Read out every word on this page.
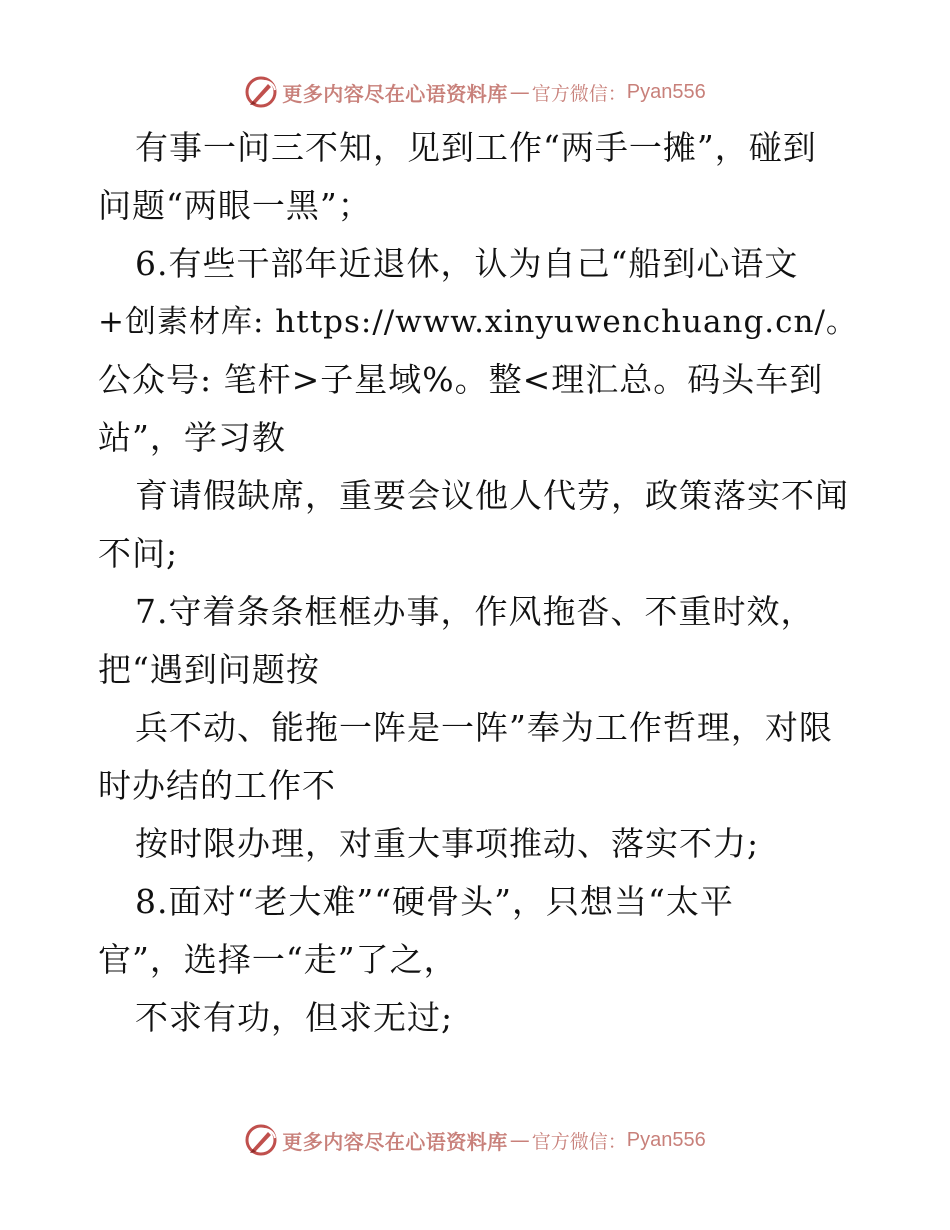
更多内容尽在心语资料库 — 官方微信： Pyan556
有事一问三不知，见到工作“两手一摊”，碰到
问题“两眼一黑”；
6.有些干部年近退休，认为自己“船到心语文
+创素材库: https://www.xinyuwenchuang.cn/。
公众号: 笔杆>子星域%。整<理汇总。码头车到
站”，学习教
育请假缺席，重要会议他人代劳，政策落实不闻
不问;
7.守着条条框框办事，作风拖沓、不重时效，
把“遇到问题按
兵不动、能拖一阵是一阵”奉为工作哲理，对限
时办结的工作不
按时限办理，对重大事项推动、落实不力;
8.面对“老大难”“硬骨头”，只想当“太平
官”，选择一“走”了之，
不求有功，但求无过;
更多内容尽在心语资料库 — 官方微信： Pyan556
